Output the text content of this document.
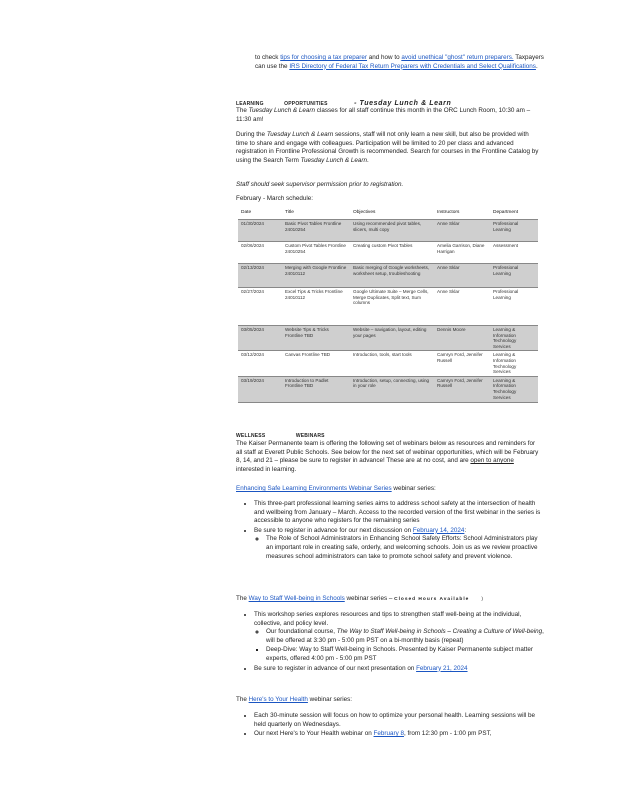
to check tips for choosing a tax preparer and how to avoid unethical "ghost" return preparers. Taxpayers can use the IRS Directory of Federal Tax Return Preparers with Credentials and Select Qualifications.
LEARNING	OPPORTUNITIES	- Tuesday Lunch & Learn
The Tuesday Lunch & Learn classes for all staff continue this month in the ORC Lunch Room, 10:30 am – 11:30 am!
During the Tuesday Lunch & Learn sessions, staff will not only learn a new skill, but also be provided with time to share and engage with colleagues. Participation will be limited to 20 per class and advanced registration in Frontline Professional Growth is recommended. Search for courses in the Frontline Catalog by using the Search Term Tuesday Lunch & Learn.
Staff should seek supervisor permission prior to registration.
February - March schedule:
Date	Title	Objectives	Instructors	Department
01/30/2024	Basic Pivot Tables Frontline 24010254	Using recommended pivot tables, slicers, multi copy	Anne Sklar	Professional Learning
02/06/2024	Custom Pivot Tables Frontline 24010254	Creating custom Pivot Tables	Amelia Garrison, Diane Harrigan	Assessment
02/13/2024	Merging with Google Frontline 24010112	Basic merging of Google worksheets, worksheet setup, troubleshooting	Anne Sklar	Professional Learning
02/27/2024	Excel Tips & Tricks Frontline 24010112	Google Ultimate Suite – Merge Cells, Merge Duplicates, Split text, Sum columns	Anne Sklar	Professional Learning
03/05/2024	Website Tips & Tricks Frontline TBD	Website – navigation, layout, editing your pages	Dennis Moore	Learning & Information Technology Services
03/12/2024	Canvas Frontline TBD	Introduction, tools, start tools	Camryn Ford, Jennifer Russell	Learning & Information Technology Services
03/19/2024	Introduction to Padlet Frontline TBD	Introduction, setup, connecting, using in your role	Camryn Ford, Jennifer Russell	Learning & Information Technology Services
WELLNESS	WEBINARS
The Kaiser Permanente team is offering the following set of webinars below as resources and reminders for all staff at Everett Public Schools. See below for the next set of webinar opportunities, which will be February 8, 14, and 21 – please be sure to register in advance! These are at no cost, and are open to anyone interested in learning.
Enhancing Safe Learning Environments Webinar Series webinar series:
• This three-part professional learning series aims to address school safety at the intersection of health and wellbeing from January – March. Access to the recorded version of the first webinar in the series is accessible to anyone who registers for the remaining series
• Be sure to register in advance for our next discussion on February 14, 2024:
◦ The Role of School Administrators in Enhancing School Safety Efforts: School Administrators play an important role in creating safe, orderly, and welcoming schools. Join us as we review proactive measures school administrators can take to promote school safety and prevent violence.
The Way to Staff Well-being in Schools webinar series – Closed Hours Available	)
• This workshop series explores resources and tips to strengthen staff well-being at the individual, collective, and policy level.
◦ Our foundational course, The Way to Staff Well-being in Schools – Creating a Culture of Well-being, will be offered at 3:30 pm - 5:00 pm PST on a bi-monthly basis (repeat)
▪ Deep-Dive: Way to Staff Well-being in Schools. Presented by Kaiser Permanente subject matter experts, offered 4:00 pm - 5:00 pm PST
• Be sure to register in advance of our next presentation on February 21, 2024
The Here's to Your Health webinar series:
• Each 30-minute session will focus on how to optimize your personal health. Learning sessions will be held quarterly on Wednesdays.
• Our next Here's to Your Health webinar on February 8, from 12:30 pm - 1:00 pm PST,
